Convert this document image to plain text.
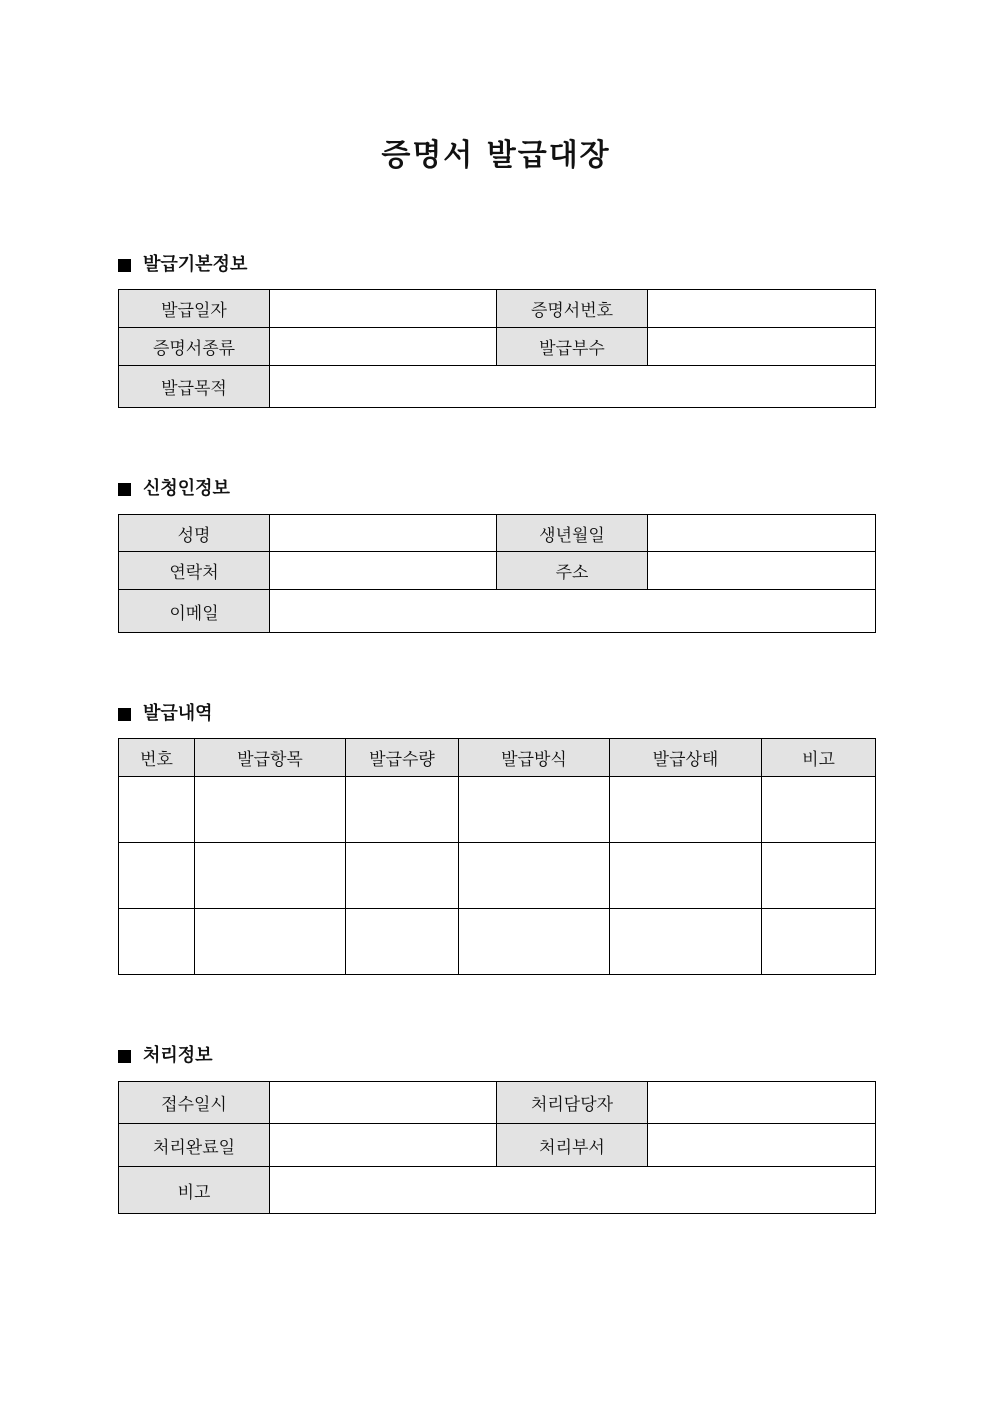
증명서 발급대장
발급기본정보
발급일자		증명서번호	
증명서종류		발급부수	
발급목적			
신청인정보
성명		생년월일	
연락처		주소	
이메일			
발급내역
번호	발급항목	발급수량	발급방식	발급상태	비고

처리정보
접수일시		처리담당자	
처리완료일		처리부서	
비고			
